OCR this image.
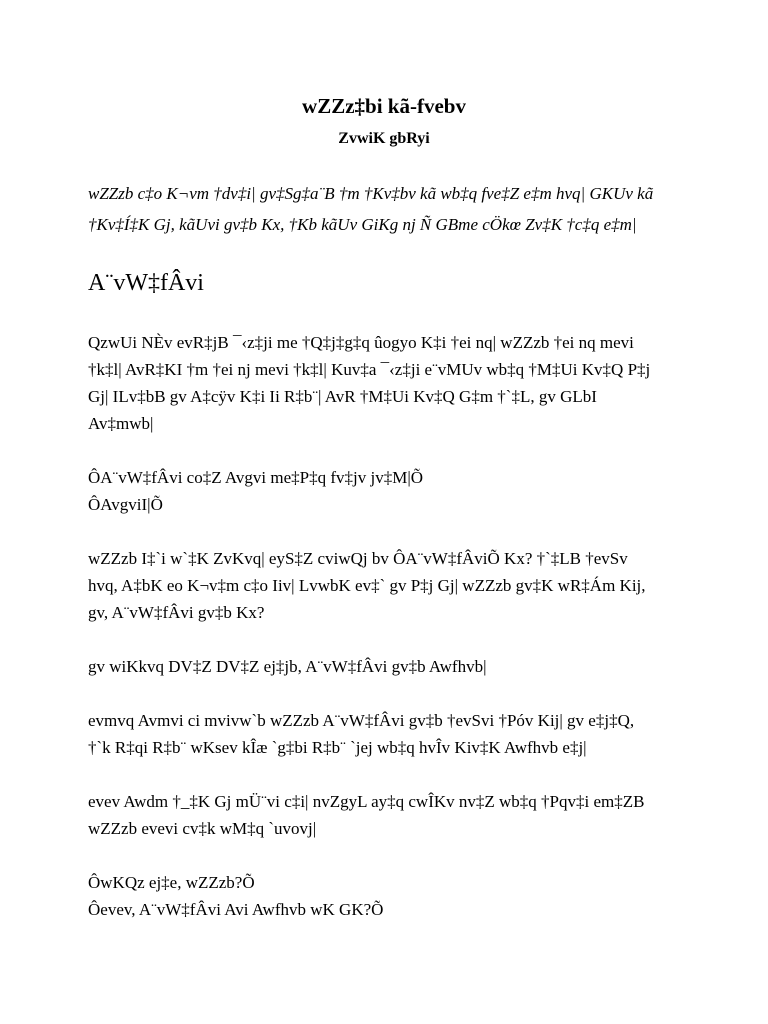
wZZz‡bi kã-fvebv
ZvwiK gbRyi

wZZzb c‡o K¬vm †dv‡i| gv‡Sg‡a¨B †m †Kv‡bv kã wb‡q fve‡Z e‡m hvq| GKUv kã
†Kv‡Í‡K Gj, kãUvi gv‡b Kx, †Kb kãUv GiKg nj Ñ GBme cÖkœ Zv‡K †c‡q e‡m|

A¨vW‡fÂvi

QzwUi NÈv evR‡jB ¯‹z‡ji me †Q‡j‡g‡q ûogyo K‡i †ei nq| wZZzb †ei nq mevi
†k‡l| AvR‡KI †m †ei nj mevi †k‡l| Kuv‡a ¯‹z‡ji e¨vMUv wb‡q †M‡Ui Kv‡Q P‡j
Gj| ILv‡bB gv A‡cÿv K‡i Ii R‡b¨| AvR †M‡Ui Kv‡Q G‡m †`‡L, gv GLbI
Av‡mwb|

ÔA¨vW‡fÂvi co‡Z Avgvi me‡P‡q fv‡jv jv‡M|Õ
ÔAvgviI|Õ

wZZzb I‡`i w`‡K ZvKvq| eyS‡Z cviwQj bv ÔA¨vW‡fÂviÕ Kx? †`‡LB †evSv
hvq, A‡bK eo K¬v‡m c‡o Iiv| LvwbK ev‡` gv P‡j Gj| wZZzb gv‡K wR‡Ám Kij,
gv, A¨vW‡fÂvi gv‡b Kx?

gv wiKkvq DV‡Z DV‡Z ej‡jb, A¨vW‡fÂvi gv‡b Awfhvb|

evmvq Avmvi ci mvivw`b wZZzb A¨vW‡fÂvi gv‡b †evSvi †Póv Kij| gv e‡j‡Q,
†`k R‡qi R‡b¨ wKsev kÎæ `g‡bi R‡b¨ `jej wb‡q hvÎv Kiv‡K Awfhvb e‡j|

evev Awdm †_‡K Gj mÜ¨vi c‡i| nvZgyL ay‡q cwÎKv nv‡Z wb‡q †Pqv‡i em‡ZB
wZZzb evevi cv‡k wM‡q `uvovj|

ÔwKQz ej‡e, wZZzb?Õ
Ôevev, A¨vW‡fÂvi Avi Awfhvb wK GK?Õ
